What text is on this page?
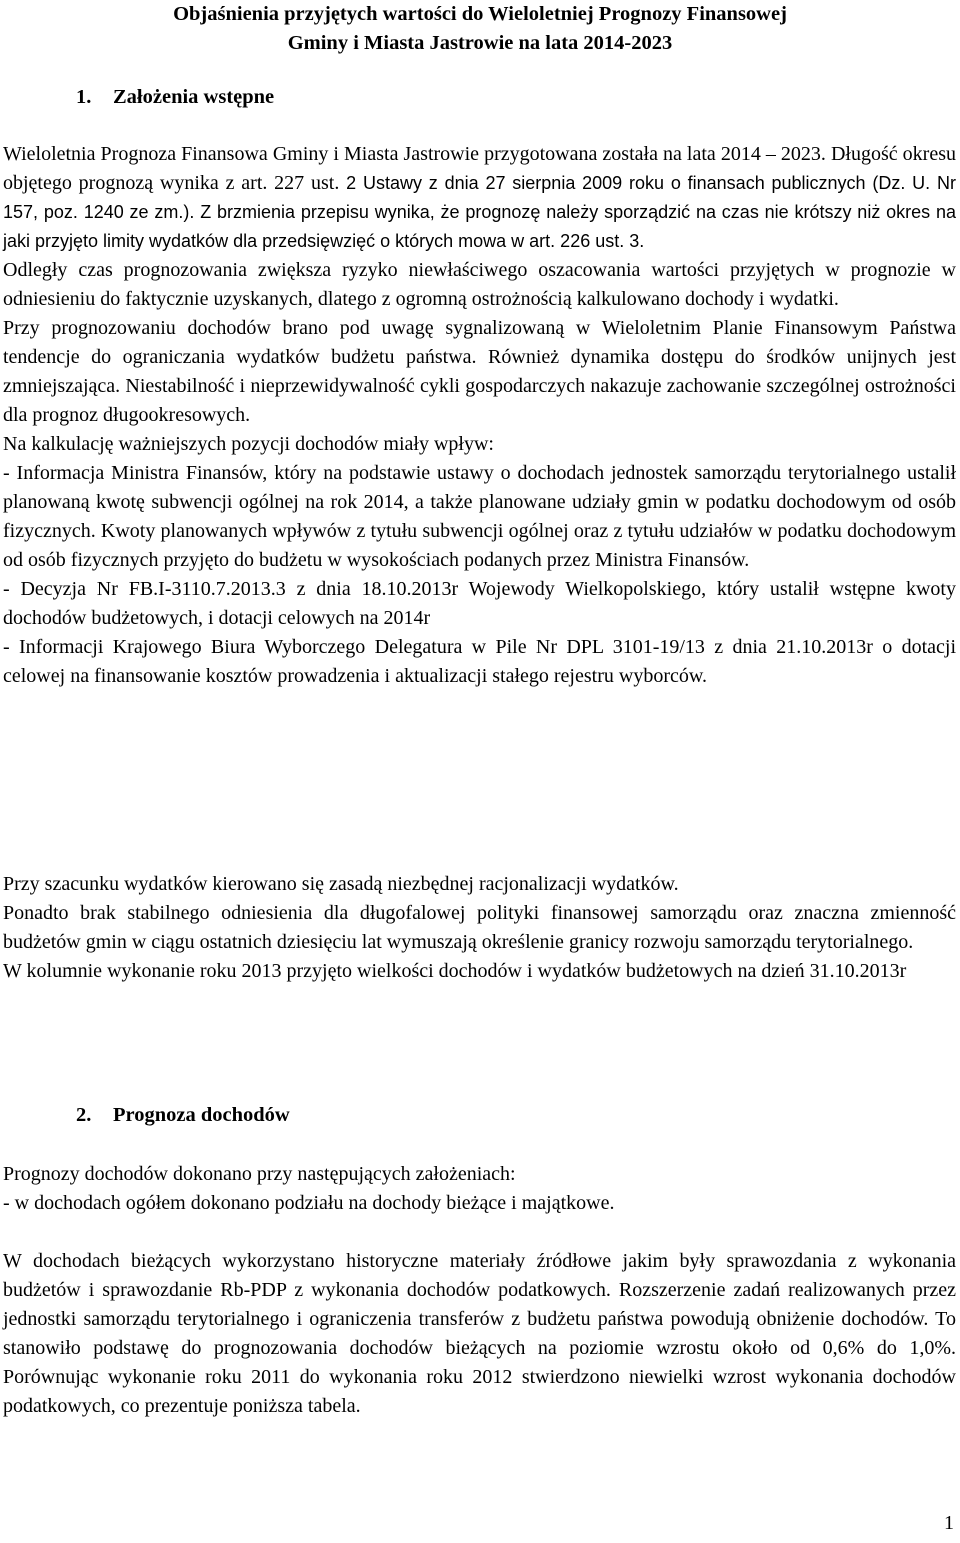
Objaśnienia przyjętych wartości do Wieloletniej Prognozy Finansowej
Gminy i Miasta Jastrowie na lata 2014-2023
1. Założenia wstępne

Wieloletnia Prognoza Finansowa Gminy i Miasta Jastrowie przygotowana została na lata 2014 – 2023. Długość okresu objętego prognozą wynika z art. 227 ust. 2 Ustawy z dnia 27 sierpnia 2009 roku o finansach publicznych (Dz. U. Nr 157, poz. 1240 ze zm.). Z brzmienia przepisu wynika, że prognozę należy sporządzić na czas nie krótszy niż okres na jaki przyjęto limity wydatków dla przedsięwzięć o których mowa w art. 226 ust. 3.

Odległy czas prognozowania zwiększa ryzyko niewłaściwego oszacowania wartości przyjętych w prognozie w odniesieniu do faktycznie uzyskanych, dlatego z ogromną ostrożnością kalkulowano dochody i wydatki.

Przy prognozowaniu dochodów brano pod uwagę sygnalizowaną w Wieloletnim Planie Finansowym Państwa tendencje do ograniczania wydatków budżetu państwa. Również dynamika dostępu do środków unijnych jest zmniejszająca. Niestabilność i nieprzewidywalność cykli gospodarczych nakazuje zachowanie szczególnej ostrożności dla prognoz długookresowych.

Na kalkulację ważniejszych pozycji dochodów miały wpływ:

- Informacja Ministra Finansów, który na podstawie ustawy o dochodach jednostek samorządu terytorialnego ustalił planowaną kwotę subwencji ogólnej na rok 2014, a także planowane udziały gmin w podatku dochodowym od osób fizycznych. Kwoty planowanych wpływów z tytułu subwencji ogólnej oraz z tytułu udziałów w podatku dochodowym od osób fizycznych przyjęto do budżetu w wysokościach podanych przez Ministra Finansów.

- Decyzja Nr FB.I-3110.7.2013.3 z dnia 18.10.2013r Wojewody Wielkopolskiego, który ustalił wstępne kwoty dochodów budżetowych, i dotacji celowych na 2014r

- Informacji Krajowego Biura Wyborczego Delegatura w Pile Nr DPL 3101-19/13 z dnia 21.10.2013r o dotacji celowej na finansowanie kosztów prowadzenia i aktualizacji stałego rejestru wyborców.

Przy szacunku wydatków kierowano się zasadą niezbędnej racjonalizacji wydatków.

Ponadto brak stabilnego odniesienia dla długofalowej polityki finansowej samorządu oraz znaczna zmienność budżetów gmin w ciągu ostatnich dziesięciu lat wymuszają określenie granicy rozwoju samorządu terytorialnego.

W kolumnie wykonanie roku 2013 przyjęto wielkości dochodów i wydatków budżetowych na dzień 31.10.2013r

2. Prognoza dochodów

Prognozy dochodów dokonano przy następujących założeniach:

- w dochodach ogółem dokonano podziału na dochody bieżące i majątkowe.

W dochodach bieżących wykorzystano historyczne materiały źródłowe jakim były sprawozdania z wykonania budżetów i sprawozdanie Rb-PDP z wykonania dochodów podatkowych. Rozszerzenie zadań realizowanych przez jednostki samorządu terytorialnego i ograniczenia transferów z budżetu państwa powodują obniżenie dochodów. To stanowiło podstawę do prognozowania dochodów bieżących na poziomie wzrostu około od 0,6% do 1,0%. Porównując wykonanie roku 2011 do wykonania roku 2012 stwierdzono niewielki wzrost wykonania dochodów podatkowych, co prezentuje poniższa tabela.

1
